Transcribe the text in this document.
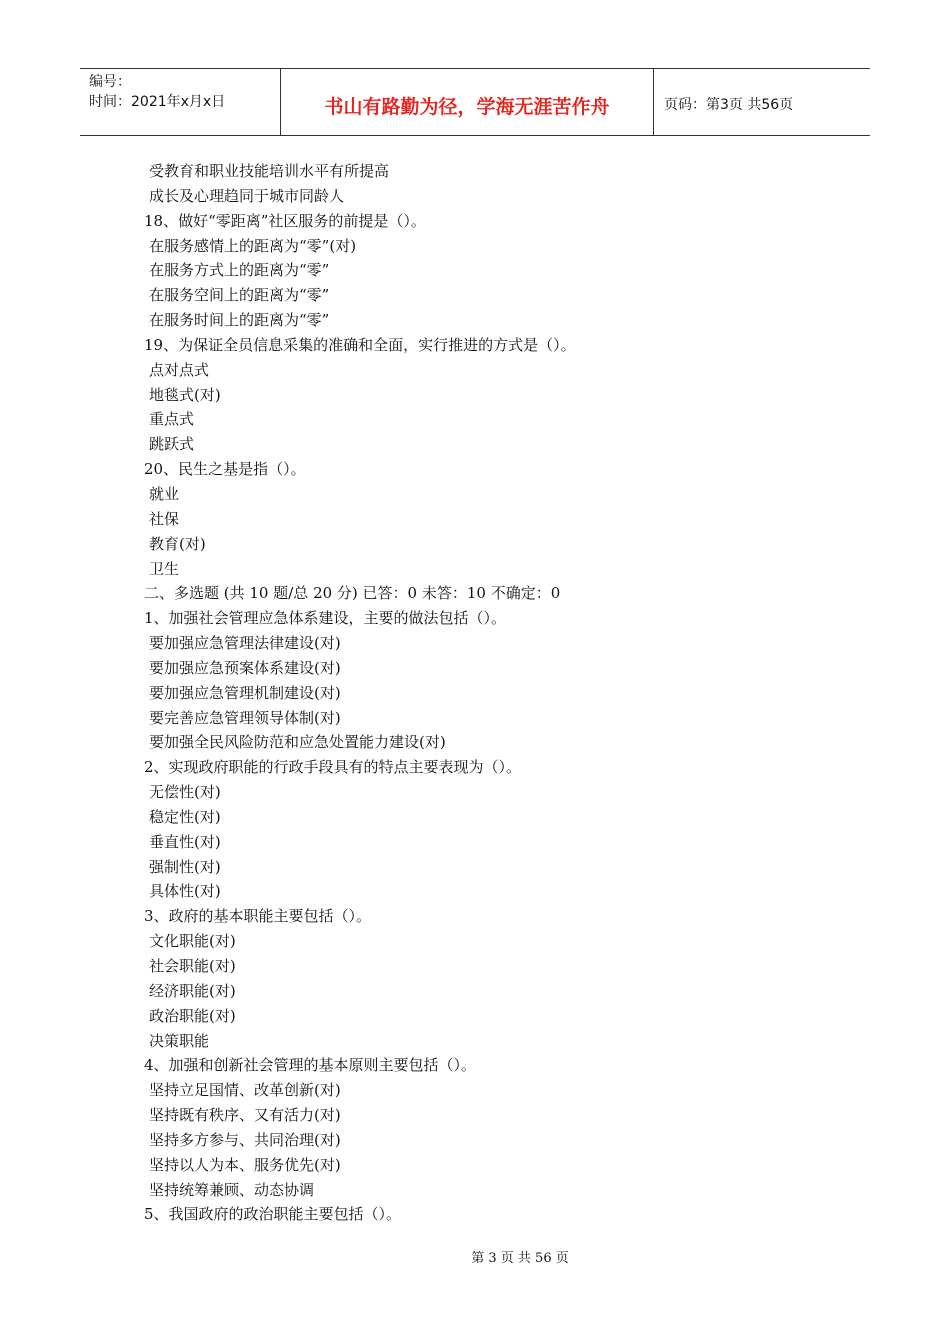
编号：
时间：2021年x月x日	书山有路勤为径，学海无涯苦作舟	页码：第3页 共56页
受教育和职业技能培训水平有所提高
成长及心理趋同于城市同龄人
18、做好“零距离”社区服务的前提是（）。
在服务感情上的距离为“零”(对)
在服务方式上的距离为“零”
在服务空间上的距离为“零”
在服务时间上的距离为“零”
19、为保证全员信息采集的准确和全面，实行推进的方式是（）。
点对点式
地毯式(对)
重点式
跳跃式
20、民生之基是指（）。
就业
社保
教育(对)
卫生
二、多选题 (共 10 题/总 20 分) 已答：0 未答：10 不确定：0
1、加强社会管理应急体系建设，主要的做法包括（）。
要加强应急管理法律建设(对)
要加强应急预案体系建设(对)
要加强应急管理机制建设(对)
要完善应急管理领导体制(对)
要加强全民风险防范和应急处置能力建设(对)
2、实现政府职能的行政手段具有的特点主要表现为（）。
无偿性(对)
稳定性(对)
垂直性(对)
强制性(对)
具体性(对)
3、政府的基本职能主要包括（）。
文化职能(对)
社会职能(对)
经济职能(对)
政治职能(对)
决策职能
4、加强和创新社会管理的基本原则主要包括（）。
坚持立足国情、改革创新(对)
坚持既有秩序、又有活力(对)
坚持多方参与、共同治理(对)
坚持以人为本、服务优先(对)
坚持统筹兼顾、动态协调
5、我国政府的政治职能主要包括（）。
第 3 页 共 56 页
